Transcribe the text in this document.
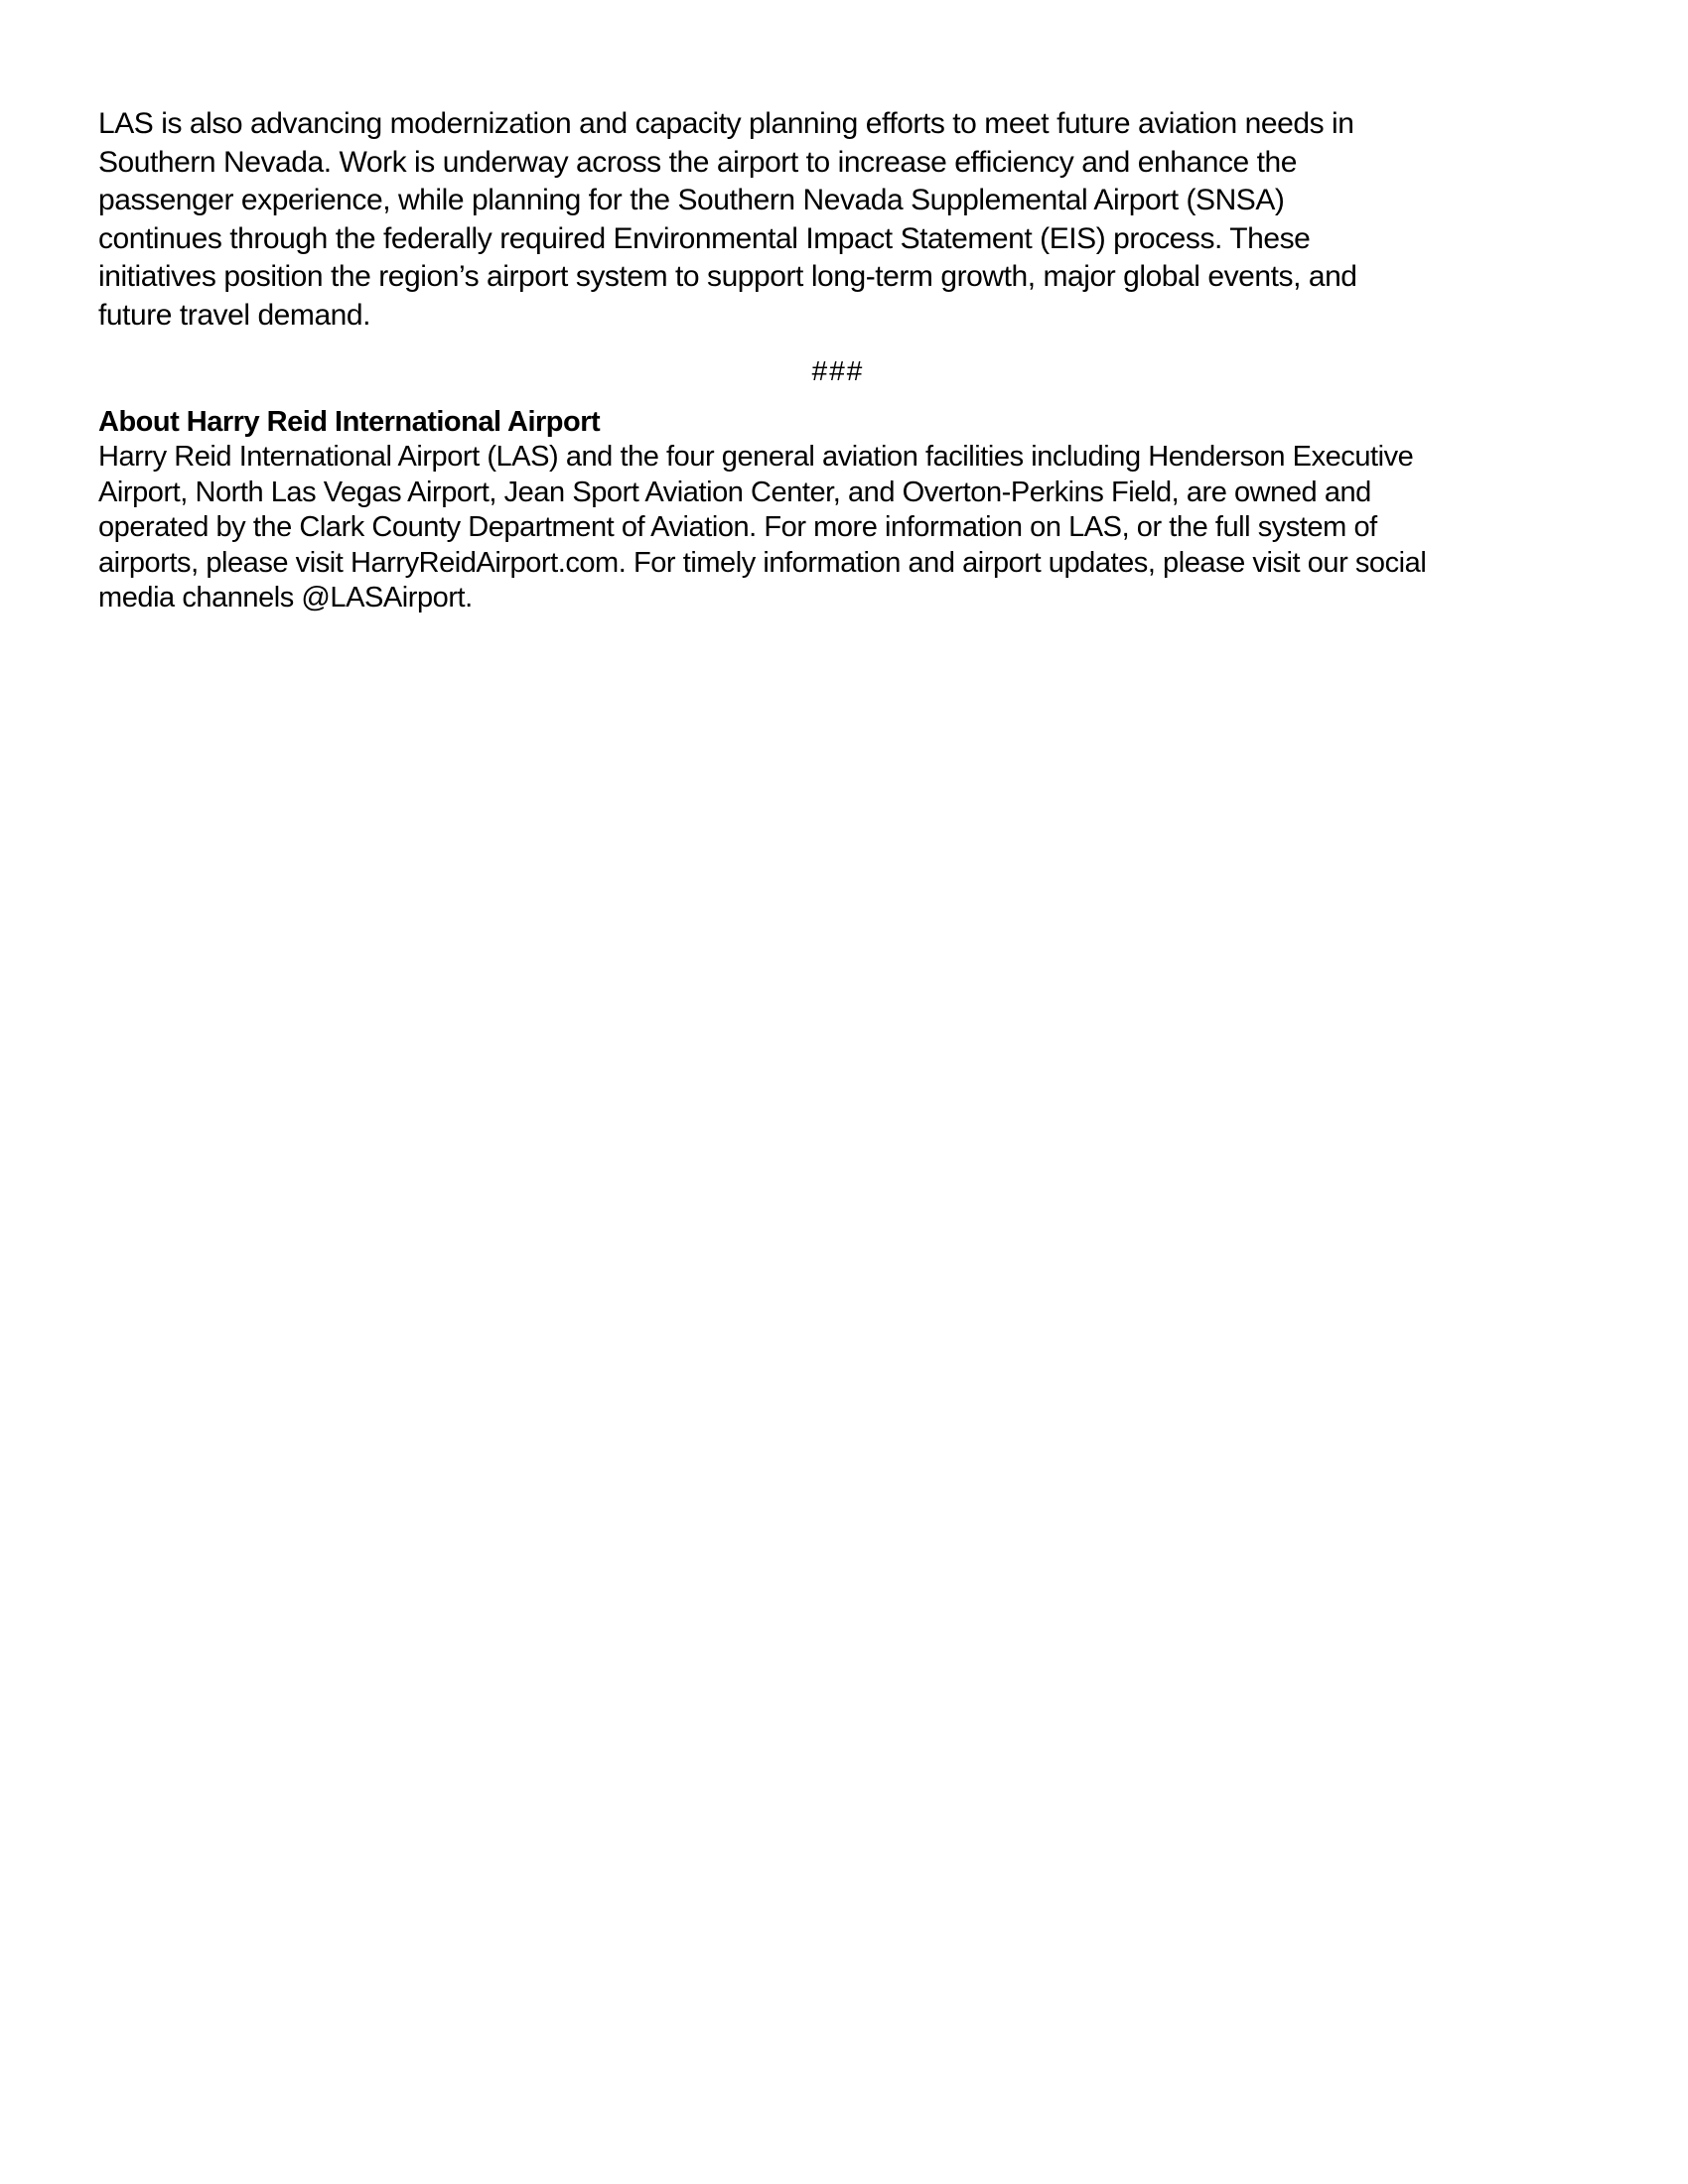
LAS is also advancing modernization and capacity planning efforts to meet future aviation needs in
Southern Nevada. Work is underway across the airport to increase efficiency and enhance the
passenger experience, while planning for the Southern Nevada Supplemental Airport (SNSA)
continues through the federally required Environmental Impact Statement (EIS) process. These
initiatives position the region’s airport system to support long-term growth, major global events, and
future travel demand.

###
About Harry Reid International Airport

Harry Reid International Airport (LAS) and the four general aviation facilities including Henderson Executive
Airport, North Las Vegas Airport, Jean Sport Aviation Center, and Overton-Perkins Field, are owned and
operated by the Clark County Department of Aviation. For more information on LAS, or the full system of
airports, please visit HarryReidAirport.com. For timely information and airport updates, please visit our social
media channels @LASAirport.
